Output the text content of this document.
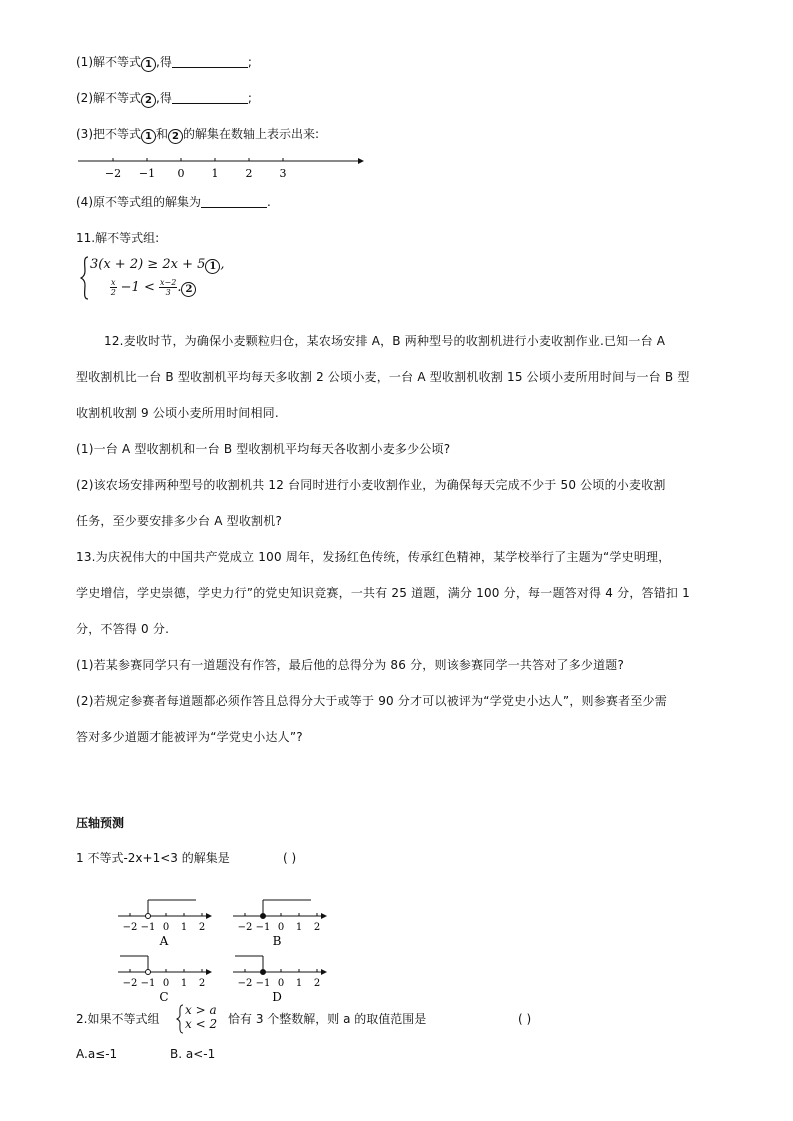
(1)解不等式 1 ,得	;
(2)解不等式 2 ,得	;
(3)把不等式 1 和 2 的解集在数轴上表示出来:
−2 −1 0 1 2 3
(4)原不等式组的解集为	.
11.解不等式组:
3(x + 2) ≥ 2x + 5 1 ,
$\frac{x}{2} -1 < \frac{x-2}{3}$ . 2
12.麦收时节，为确保小麦颗粒归仓，某农场安排 A，B 两种型号的收割机进行小麦收割作业.已知一台 A
型收割机比一台 B 型收割机平均每天多收割 2 公顷小麦，一台 A 型收割机收割 15 公顷小麦所用时间与一台 B 型
收割机收割 9 公顷小麦所用时间相同.
(1)一台 A 型收割机和一台 B 型收割机平均每天各收割小麦多少公顷?
(2)该农场安排两种型号的收割机共 12 台同时进行小麦收割作业，为确保每天完成不少于 50 公顷的小麦收割
任务，至少要安排多少台 A 型收割机?
13.为庆祝伟大的中国共产党成立 100 周年，发扬红色传统，传承红色精神，某学校举行了主题为“学史明理，
学史增信，学史崇德，学史力行”的党史知识竞赛，一共有 25 道题，满分 100 分，每一题答对得 4 分，答错扣 1
分，不答得 0 分.
(1)若某参赛同学只有一道题没有作答，最后他的总得分为 86 分，则该参赛同学一共答对了多少道题?
(2)若规定参赛者每道题都必须作答且总得分大于或等于 90 分才可以被评为“学党史小达人”，则参赛者至少需
答对多少道题才能被评为“学党史小达人”?
压轴预测
1 不等式-2x+1<3 的解集是	( )
−2 −1 0 1 2
A
−2 −1 0 1 2
B
−2 −1 0 1 2
C
−2 −1 0 1 2
D
2.如果不等式组
x > a
x < 2 恰有 3 个整数解，则 a 的取值范围是	( )
A.a≤-1	B. a<-1
